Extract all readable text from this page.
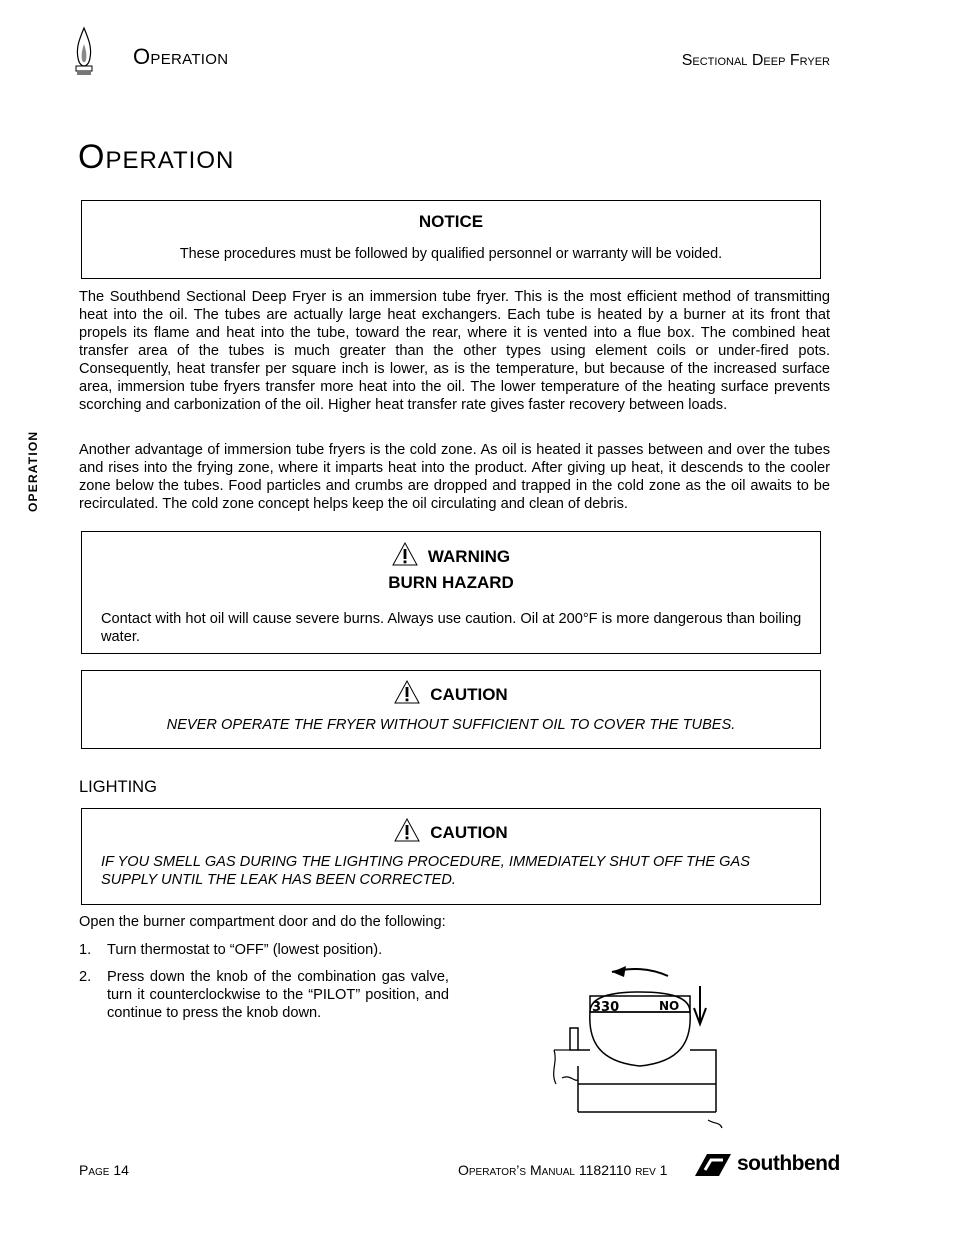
Operation	Sectional Deep Fryer
OPERATION
Operation
NOTICE
These procedures must be followed by qualified personnel or warranty will be voided.
The Southbend Sectional Deep Fryer is an immersion tube fryer. This is the most efficient method of transmitting heat into the oil. The tubes are actually large heat exchangers. Each tube is heated by a burner at its front that propels its flame and heat into the tube, toward the rear, where it is vented into a flue box. The combined heat transfer area of the tubes is much greater than the other types using element coils or under-fired pots. Consequently, heat transfer per square inch is lower, as is the temperature, but because of the increased surface area, immersion tube fryers transfer more heat into the oil. The lower temperature of the heating surface prevents scorching and carbonization of the oil. Higher heat transfer rate gives faster recovery between loads.
Another advantage of immersion tube fryers is the cold zone. As oil is heated it passes between and over the tubes and rises into the frying zone, where it imparts heat into the product. After giving up heat, it descends to the cooler zone below the tubes. Food particles and crumbs are dropped and trapped in the cold zone as the oil awaits to be recirculated. The cold zone concept helps keep the oil circulating and clean of debris.
WARNING
BURN HAZARD
Contact with hot oil will cause severe burns. Always use caution. Oil at 200°F is more dangerous than boiling water.
CAUTION
NEVER OPERATE THE FRYER WITHOUT SUFFICIENT OIL TO COVER THE TUBES.
LIGHTING
CAUTION
IF YOU SMELL GAS DURING THE LIGHTING PROCEDURE, IMMEDIATELY SHUT OFF THE GAS SUPPLY UNTIL THE LEAK HAS BEEN CORRECTED.
Open the burner compartment door and do the following:
1. Turn thermostat to “OFF” (lowest position).
2. Press down the knob of the combination gas valve, turn it counterclockwise to the “PILOT” position, and continue to press the knob down.	330	NO
Page 14	Operator’s Manual 1182110 rev 1	southbend
